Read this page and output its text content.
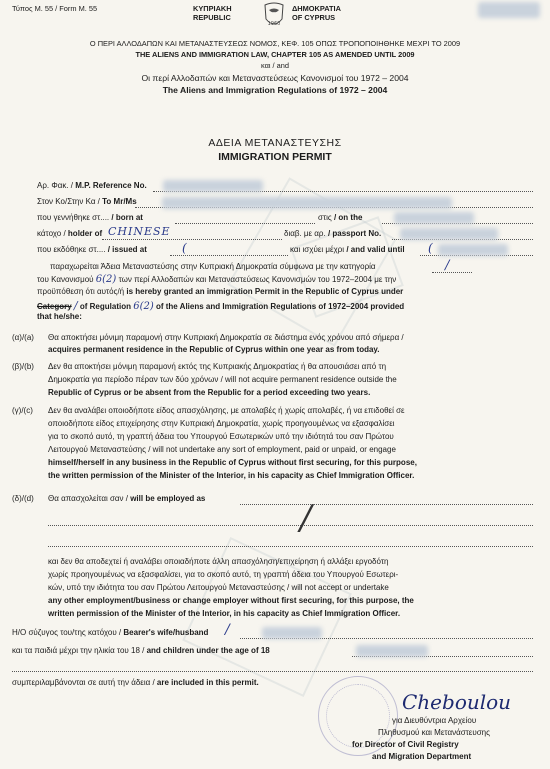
Τύπος Μ. 55 / Form M. 55	ΚΥΠΡΙΑΚΗ
REPUBLIC
1960
ΔΗΜΟΚΡΑΤΙΑ
OF CYPRUS
Ο ΠΕΡΙ ΑΛΛΟΔΑΠΩΝ ΚΑΙ ΜΕΤΑΝΑΣΤΕΥΣΕΩΣ ΝΟΜΟΣ, ΚΕΦ. 105 ΟΠΩΣ ΤΡΟΠΟΠΟΙΗΘΗΚΕ ΜΕΧΡΙ ΤΟ 2009
THE ALIENS AND IMMIGRATION LAW, CHAPTER 105 AS AMENDED UNTIL 2009
και / and
Οι περί Αλλοδαπών και Μεταναστεύσεως Κανονισμοί του 1972 – 2004
The Aliens and Immigration Regulations of 1972 – 2004
ΑΔΕΙΑ ΜΕΤΑΝΑΣΤΕΥΣΗΣ
IMMIGRATION PERMIT
Αρ. Φακ. / M.P. Reference No.
Στον Κο/Στην Κα / To Mr/Ms
που γεννήθηκε στ.... / born at	στις / on the
κάτοχο / holder of CHINESE	διαβ. με αρ. / passport No.
που εκδόθηκε στ.... / issued at	(	και ισχύει μέχρι / and valid until (
παραχωρείται Άδεια Μεταναστεύσης στην Κυπριακή Δημοκρατία σύμφωνα με την κατηγορία	/
του Κανονισμού 6(2) των περί Αλλοδαπών και Μεταναστεύσεως Κανονισμών του 1972–2004 με την
προϋπόθεση ότι αυτός/ή is hereby granted an immigration Permit in the Republic of Cyprus under
Category / of Regulation 6(2) of the Aliens and Immigration Regulations of 1972–2004 provided
that he/she:
(α)/(a) Θα αποκτήσει μόνιμη παραμονή στην Κυπριακή Δημοκρατία σε διάστημα ενός χρόνου από σήμερα /
acquires permanent residence in the Republic of Cyprus within one year as from today.
(β)/(b) Δεν θα αποκτήσει μόνιμη παραμονή εκτός της Κυπριακής Δημοκρατίας ή θα απουσιάσει από τη
Δημοκρατία για περίοδο πέραν των δύο χρόνων / will not acquire permanent residence outside the
Republic of Cyprus or be absent from the Republic for a period exceeding two years.
(γ)/(c) Δεν θα αναλάβει οποιοδήποτε είδος απασχόλησης, με απολαβές ή χωρίς απολαβές, ή να επιδοθεί σε
οποιοδήποτε είδος επιχείρησης στην Κυπριακή Δημοκρατία, χωρίς προηγουμένως να εξασφαλίσει
για το σκοπό αυτό, τη γραπτή άδεια του Υπουργού Εσωτερικών υπό την ιδιότητά του σαν Πρώτου
Λειτουργού Μεταναστεύσης / will not undertake any sort of employment, paid or unpaid, or engage
himself/herself in any business in the Republic of Cyprus without first securing, for this purpose,
the written permission of the Minister of the Interior, in his capacity as Chief Immigration Officer.
(δ)/(d) Θα απασχολείται σαν / will be employed as	/
και δεν θα αποδεχτεί ή αναλάβει οποιαδήποτε άλλη απασχόληση/επιχείρηση ή αλλάξει εργοδότη
χωρίς προηγουμένως να εξασφαλίσει, για το σκοπό αυτό, τη γραπτή άδεια του Υπουργού Εσωτερι-
κών, υπό την ιδιότητα του σαν Πρώτου Λειτουργού Μεταναστεύσης / will not accept or undertake
any other employment/business or change employer without first securing, for this purpose, the
written permission of the Minister of the Interior, in his capacity as Chief Immigration Officer.
Η/Ο σύζυγος του/της κατόχου / Bearer's wife/husband /
και τα παιδιά μέχρι την ηλικία του 18 / and children under the age of 18
συμπεριλαμβάνονται σε αυτή την άδεια / are included in this permit.
Cheboulou
για Διευθύντρια Αρχείου
Πληθυσμού και Μετανάστευσης
for Director of Civil Registry
and Migration Department
